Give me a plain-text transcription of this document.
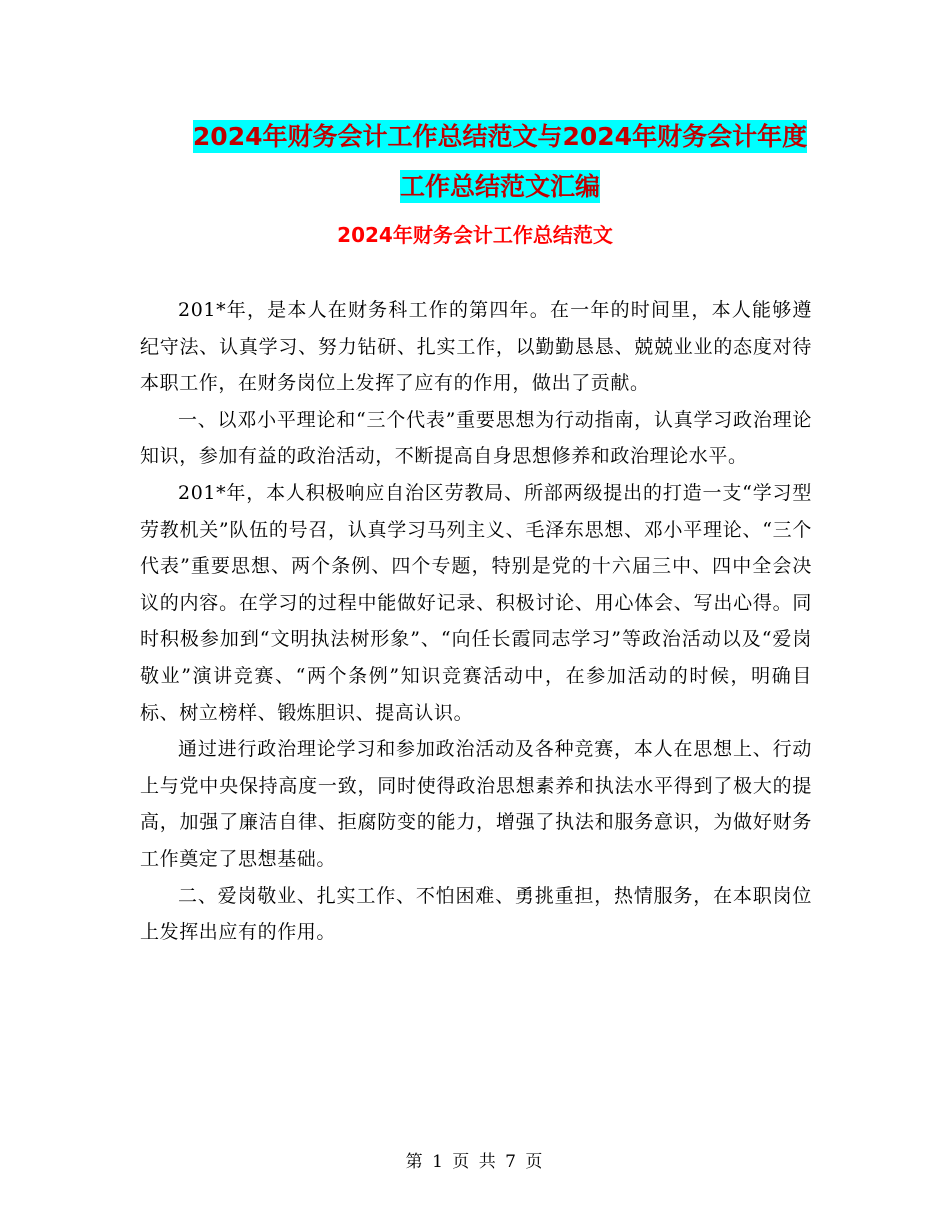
2024年财务会计工作总结范文与2024年财务会计年度
工作总结范文汇编
2024年财务会计工作总结范文

201*年，是本人在财务科工作的第四年。在一年的时间里，本人能够遵纪守法、认真学习、努力钻研、扎实工作，以勤勤恳恳、兢兢业业的态度对待本职工作，在财务岗位上发挥了应有的作用，做出了贡献。

一、以邓小平理论和“三个代表”重要思想为行动指南，认真学习政治理论知识，参加有益的政治活动，不断提高自身思想修养和政治理论水平。

201*年，本人积极响应自治区劳教局、所部两级提出的打造一支“学习型劳教机关”队伍的号召，认真学习马列主义、毛泽东思想、邓小平理论、“三个代表”重要思想、两个条例、四个专题，特别是党的十六届三中、四中全会决议的内容。在学习的过程中能做好记录、积极讨论、用心体会、写出心得。同时积极参加到“文明执法树形象”、“向任长霞同志学习”等政治活动以及“爱岗敬业”演讲竞赛、“两个条例”知识竞赛活动中，在参加活动的时候，明确目标、树立榜样、锻炼胆识、提高认识。

通过进行政治理论学习和参加政治活动及各种竞赛，本人在思想上、行动上与党中央保持高度一致，同时使得政治思想素养和执法水平得到了极大的提高，加强了廉洁自律、拒腐防变的能力，增强了执法和服务意识，为做好财务工作奠定了思想基础。

二、爱岗敬业、扎实工作、不怕困难、勇挑重担，热情服务，在本职岗位上发挥出应有的作用。

第 1 页 共 7 页
